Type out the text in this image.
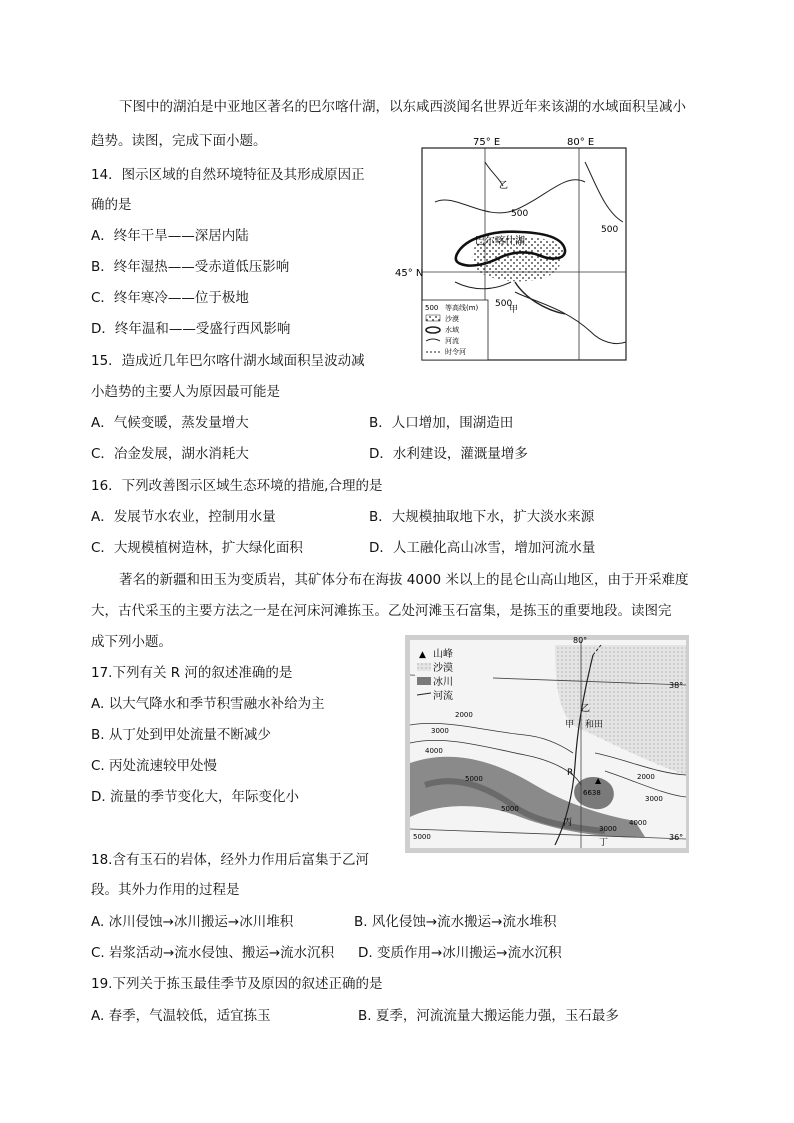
下图中的湖泊是中亚地区著名的巴尔喀什湖，以东咸西淡闻名世界近年来该湖的水域面积呈减小
趋势。读图，完成下面小题。
14．图示区域的自然环境特征及其形成原因正
确的是
A．终年干旱——深居内陆
B．终年湿热——受赤道低压影响
C．终年寒冷——位于极地
D．终年温和——受盛行西风影响
15．造成近几年巴尔喀什湖水域面积呈波动减
小趋势的主要人为原因最可能是
A．气候变暖，蒸发量增大	B．人口增加，围湖造田
C．冶金发展，湖水消耗大	D．水利建设，灌溉量增多
16．下列改善图示区域生态环境的措施,合理的是
A．发展节水农业，控制用水量	B．大规模抽取地下水，扩大淡水来源
C．大规模植树造林，扩大绿化面积	D．人工融化高山冰雪，增加河流水量
著名的新疆和田玉为变质岩，其矿体分布在海拔 4000 米以上的昆仑山高山地区，由于开采难度
大，古代采玉的主要方法之一是在河床河滩拣玉。乙处河滩玉石富集，是拣玉的重要地段。读图完
成下列小题。
17.下列有关 R 河的叙述准确的是
A. 以大气降水和季节积雪融水补给为主
B. 从丁处到甲处流量不断减少
C. 丙处流速较甲处慢
D. 流量的季节变化大，年际变化小
18.含有玉石的岩体，经外力作用后富集于乙河
段。其外力作用的过程是
A. 冰川侵蚀→冰川搬运→冰川堆积	B. 风化侵蚀→流水搬运→流水堆积
C. 岩浆活动→流水侵蚀、搬运→流水沉积 D. 变质作用→冰川搬运→流水沉积
19.下列关于拣玉最佳季节及原因的叙述正确的是
A. 春季，气温较低，适宜拣玉	B. 夏季，河流流量大搬运能力强，玉石最多
75° E	80° E
45° N
巴尔喀什湖
500
500
500
乙
甲
500 等高线(m)
沙漠
水域
河流
时令河
▲ 山峰
沙漠
冰川
河流
80°
38°
36°
2000
3000
4000
5000
5000
2000
3000
4000
5000
3000
▲
6638
和田
甲
乙
丙
丁
R
